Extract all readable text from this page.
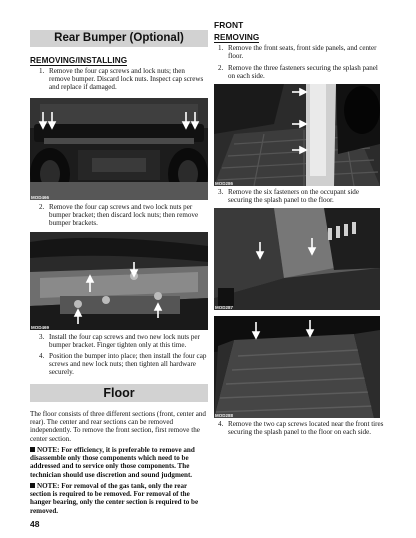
Rear Bumper (Optional)
REMOVING/INSTALLING
1. Remove the four cap screws and lock nuts; then remove bumper. Discard lock nuts. Inspect cap screws and replace if damaged.
MOD466
2. Remove the four cap screws and two lock nuts per bumper bracket; then discard lock nuts; then remove bumper brackets.
MOD469
3. Install the four cap screws and two new lock nuts per bumper bracket. Finger tighten only at this time.
4. Position the bumper into place; then install the four cap screws and new lock nuts; then tighten all hardware securely.
Floor
The floor consists of three different sections (front, center and rear). The center and rear sections can be removed independently. To remove the front section, first remove the center section.
NOTE: For efficiency, it is preferable to remove and disassemble only those components which need to be addressed and to service only those components. The technician should use discretion and sound judgment.
NOTE: For removal of the gas tank, only the rear section is required to be removed. For removal of the hanger bearing, only the center section is required to be removed.
48
FRONT
REMOVING
1. Remove the front seats, front side panels, and center floor.
2. Remove the three fasteners securing the splash panel on each side.
MOD286
3. Remove the six fasteners on the occupant side securing the splash panel to the floor.
MOD287
MOD288
4. Remove the two cap screws located near the front tires securing the splash panel to the floor on each side.
